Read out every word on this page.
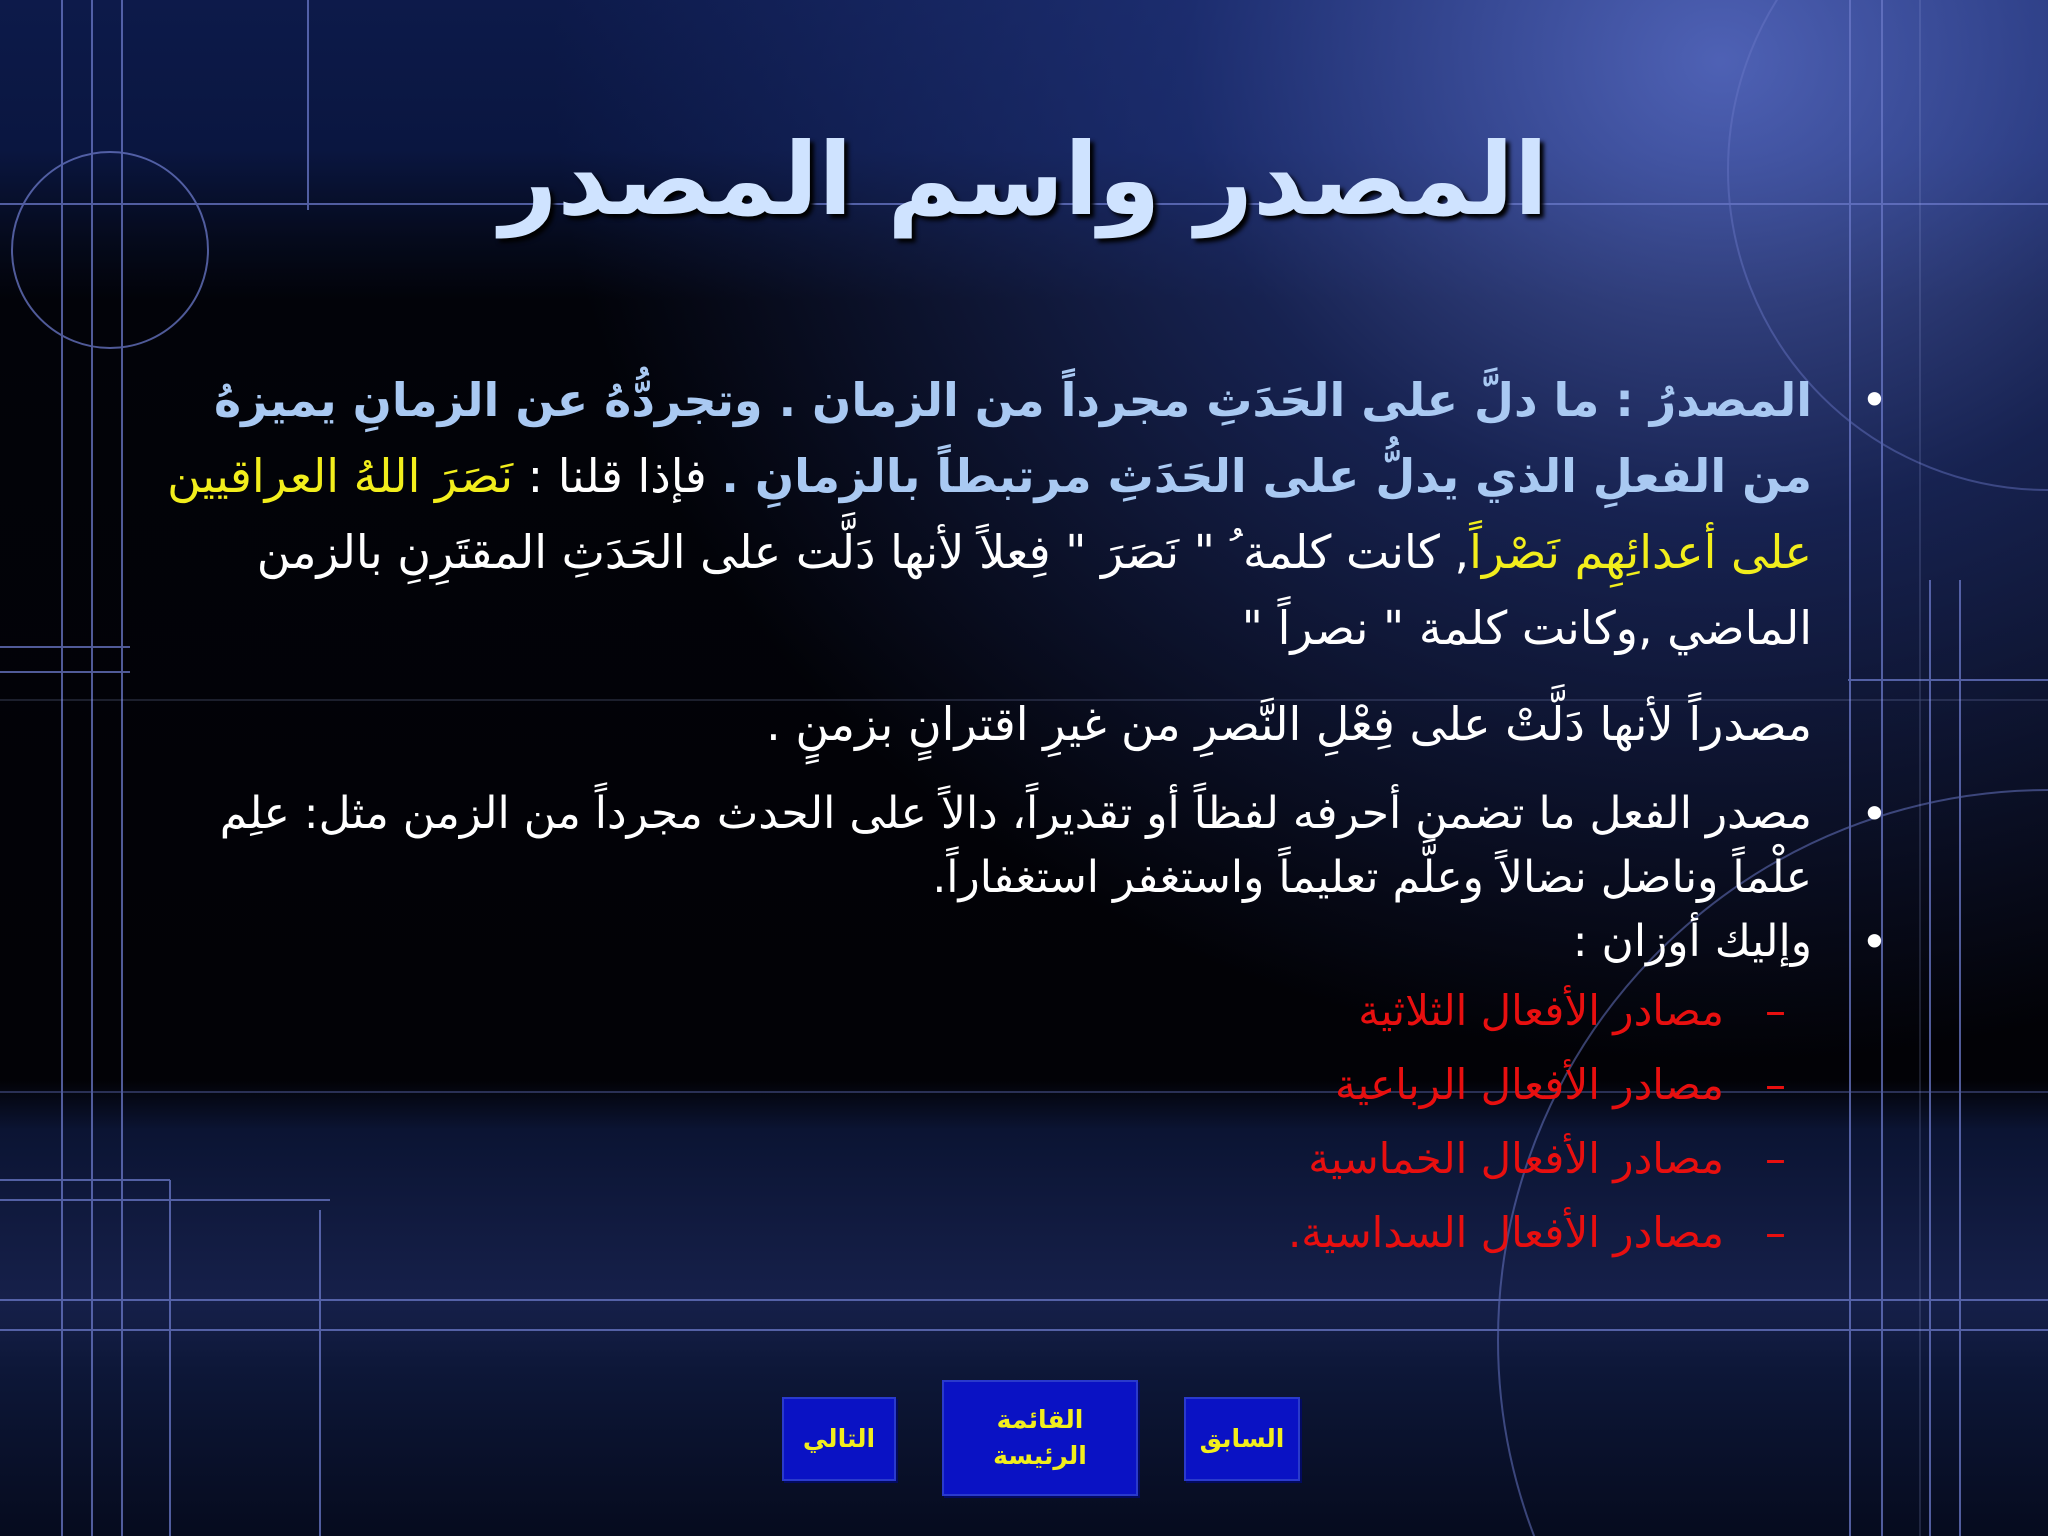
المصدر واسم المصدر
• المصدرُ : ما دلَّ على الحَدَثِ مجرداً من الزمان . وتجردُّهُ عن الزمانِ يميزهُ من الفعلِ الذي يدلُّ على الحَدَثِ مرتبطاً بالزمانِ . فإذا قلنا : نَصَرَ اللهُ العراقيين على أعدائِهِم نَصْراً, كانت كلمة ُ " نَصَرَ " فِعلاً لأنها دَلَّت على الحَدَثِ المقتَرِنِ بالزمن الماضي ,وكانت كلمة " نصراً "
مصدراً لأنها دَلَّتْ على فِعْلِ النَّصرِ من غيرِ اقترانٍ بزمنٍ .
• مصدر الفعل ما تضمن أحرفه لفظاً أو تقديراً، دالاً على الحدث مجرداً من الزمن مثل: علِم علْماً وناضل نضالاً وعلَّم تعليماً واستغفر استغفاراً.
• وإليك أوزان :
– مصادر الأفعال الثلاثية
– مصادر الأفعال الرباعية
– مصادر الأفعال الخماسية
– مصادر الأفعال السداسية.
التالي
القائمة
الرئيسة
السابق
